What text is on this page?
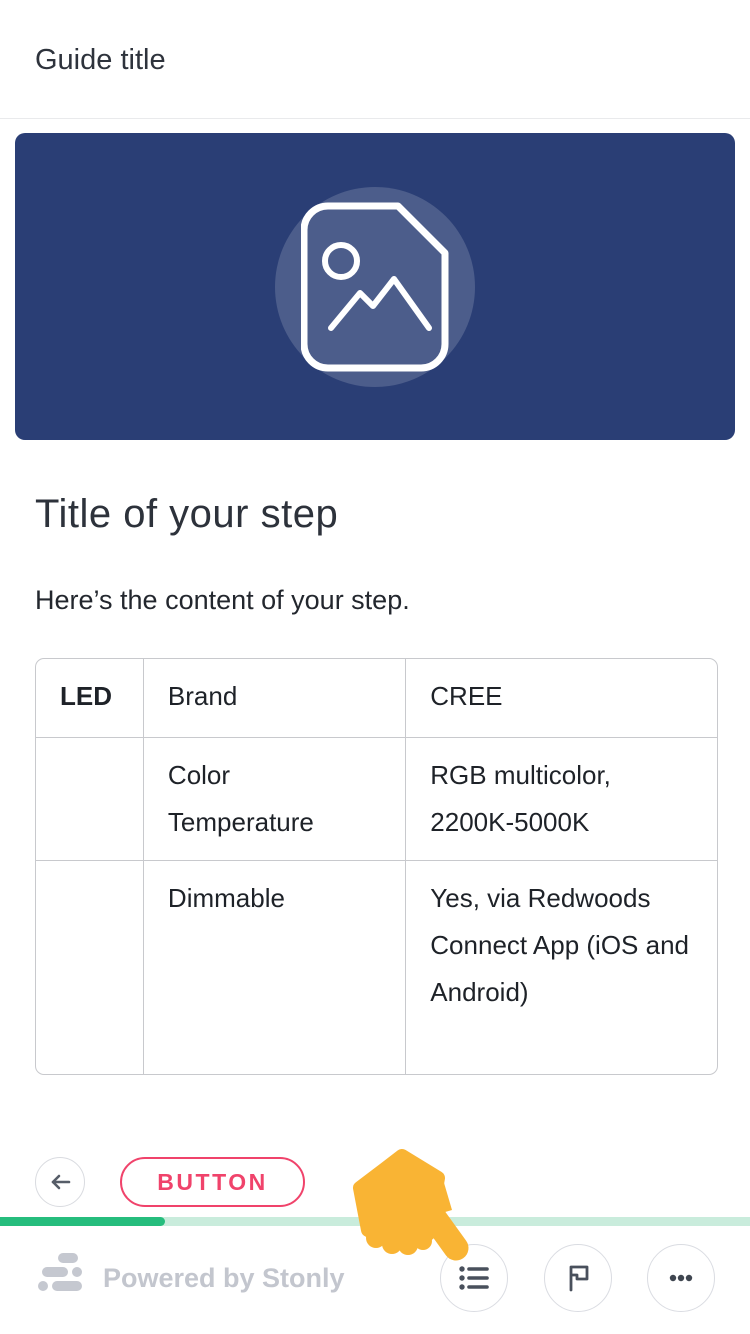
Guide title
Title of your step

Here’s the content of your step.

LED	Brand	CREE
	Color Temperature	RGB multicolor, 2200K-5000K
	Dimmable	Yes, via Redwoods Connect App (iOS and Android)
BUTTON
Powered by Stonly
